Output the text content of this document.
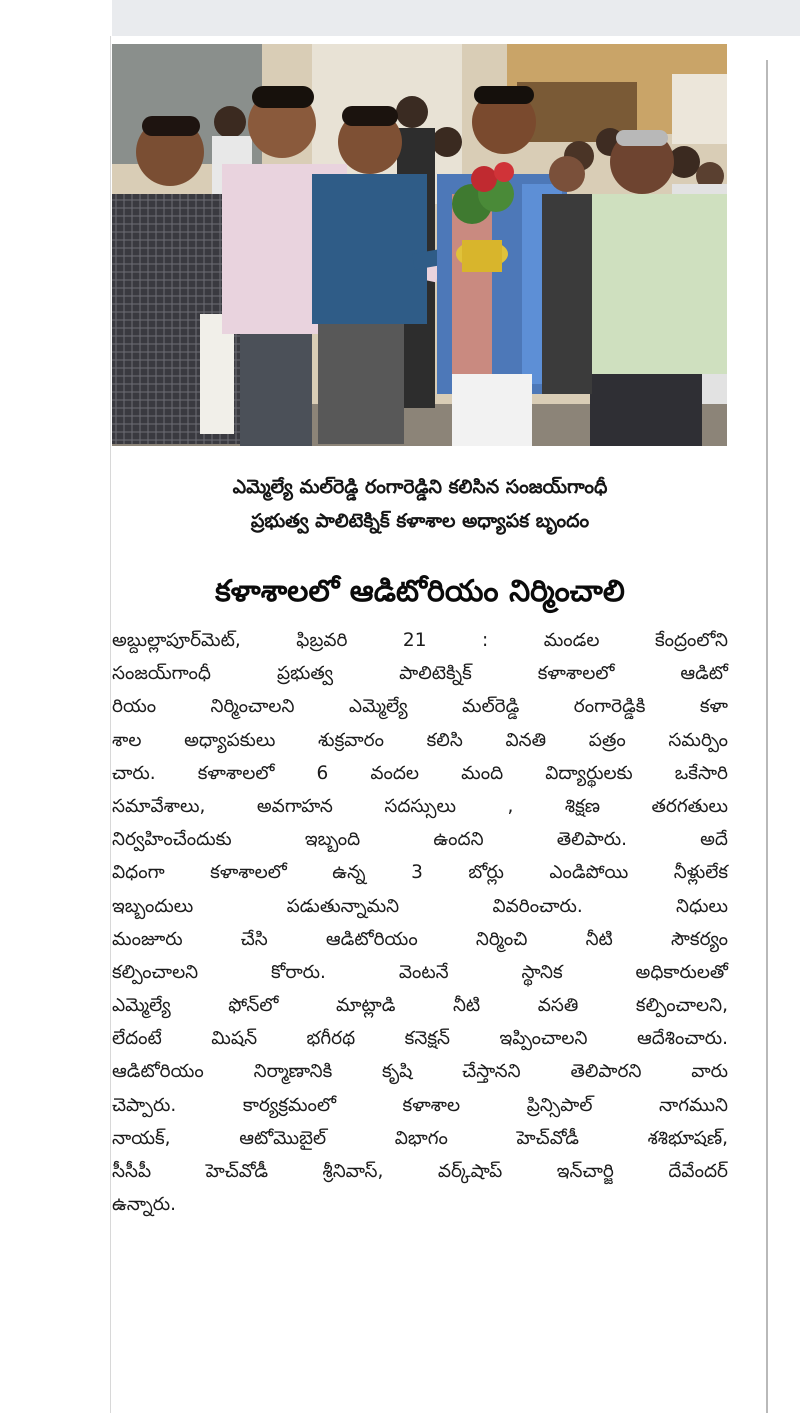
ఎమ్మెల్యే మల్‌రెడ్డి రంగారెడ్డిని కలిసిన సంజయ్‌గాంధీ
ప్రభుత్వ పాలిటెక్నిక్ కళాశాల అధ్యాపక బృందం
కళాశాలలో ఆడిటోరియం నిర్మించాలి
అబ్దుల్లాపూర్‌మెట్, ఫిబ్రవరి 21 : మండల కేంద్రంలోని
సంజయ్‌గాంధీ ప్రభుత్వ పాలిటెక్నిక్ కళాశాలలో ఆడిటో
రియం నిర్మించాలని ఎమ్మెల్యే మల్‌రెడ్డి రంగారెడ్డికి కళా
శాల అధ్యాపకులు శుక్రవారం కలిసి వినతి పత్రం సమర్పిం
చారు. కళాశాలలో 6 వందల మంది విద్యార్థులకు ఒకేసారి
సమావేశాలు, అవగాహన సదస్సులు , శిక్షణ తరగతులు
నిర్వహించేందుకు ఇబ్బంది ఉందని తెలిపారు. అదే
విధంగా కళాశాలలో ఉన్న 3 బోర్లు ఎండిపోయి నీళ్లులేక
ఇబ్బందులు పడుతున్నామని వివరించారు. నిధులు
మంజూరు చేసి ఆడిటోరియం నిర్మించి నీటి సౌకర్యం
కల్పించాలని కోరారు. వెంటనే స్థానిక అధికారులతో
ఎమ్మెల్యే ఫోన్‌లో మాట్లాడి నీటి వసతి కల్పించాలని,
లేదంటే మిషన్ భగీరథ కనెక్షన్ ఇప్పించాలని ఆదేశించారు.
ఆడిటోరియం నిర్మాణానికి కృషి చేస్తానని తెలిపారని వారు
చెప్పారు. కార్యక్రమంలో కళాశాల ప్రిన్సిపాల్ నాగముని
నాయక్, ఆటోమొబైల్ విభాగం హెచ్‌వోడీ శశిభూషణ్,
సీసీపీ హెచ్‌వోడీ శ్రీనివాస్, వర్క్‌షాప్ ఇన్‌చార్జి దేవేందర్
ఉన్నారు.
